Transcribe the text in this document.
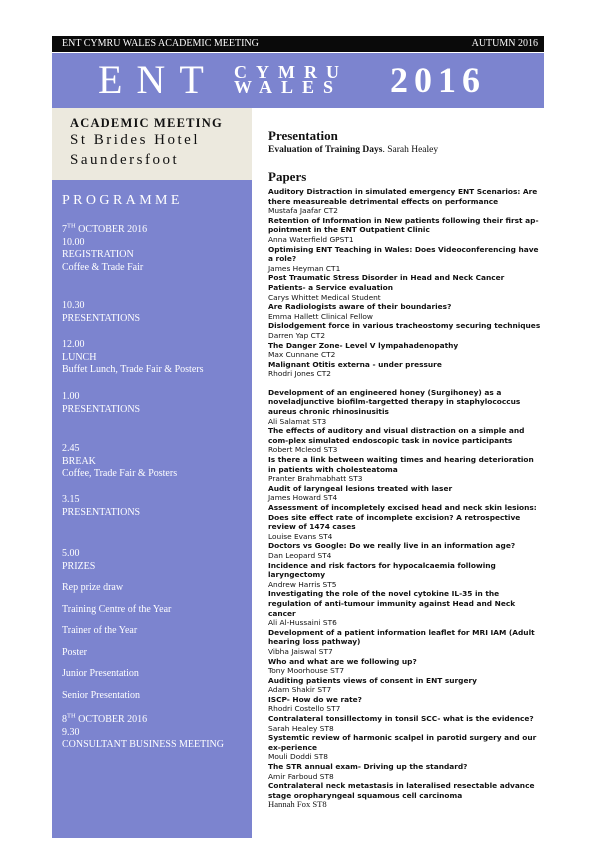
ENT CYMRU WALES ACADEMIC MEETING	AUTUMN 2016
ENT CYMRU
WALES 2016
ACADEMIC MEETING
St Brides Hotel
Saundersfoot
PROGRAMME
7TH OCTOBER 2016
10.00
REGISTRATION
Coffee & Trade Fair
10.30
PRESENTATIONS
12.00
LUNCH
Buffet Lunch, Trade Fair & Posters
1.00
PRESENTATIONS
2.45
BREAK
Coffee, Trade Fair & Posters
3.15
PRESENTATIONS
5.00
PRIZES
Rep prize draw
Training Centre of the Year
Trainer of the Year
Poster
Junior Presentation
Senior Presentation
8TH OCTOBER 2016
9.30
CONSULTANT BUSINESS MEETING
Presentation
Evaluation of Training Days. Sarah Healey
Papers
Auditory Distraction in simulated emergency ENT Scenarios: Are there measureable detrimental effects on performance
Mustafa Jaafar CT2
Retention of Information in New patients following their first ap-pointment in the ENT Outpatient Clinic
Anna Waterfield GPST1
Optimising ENT Teaching in Wales: Does Videoconferencing have a role?
James Heyman CT1
Post Traumatic Stress Disorder in Head and Neck Cancer Patients- a Service evaluation
Carys Whittet Medical Student
Are Radiologists aware of their boundaries?
Emma Hallett Clinical Fellow
Dislodgement force in various tracheostomy securing techniques
Darren Yap CT2
The Danger Zone- Level V lympahadenopathy
Max Cunnane CT2
Malignant Otitis externa - under pressure
Rhodri Jones CT2
Development of an engineered honey (Surgihoney) as a noveladjunctive biofilm-targetted therapy in staphylococcus aureus chronic rhinosinusitis
Ali Salamat ST3
The effects of auditory and visual distraction on a simple and com-plex simulated endoscopic task in novice participants
Robert Mcleod ST3
Is there a link between waiting times and hearing deterioration in patients with cholesteatoma
Pranter Brahmabhatt ST3
Audit of laryngeal lesions treated with laser
James Howard ST4
Assessment of incompletely excised head and neck skin lesions: Does site effect rate of incomplete excision? A retrospective review of 1474 cases
Louise Evans ST4
Doctors vs Google: Do we really live in an information age?
Dan Leopard ST4
Incidence and risk factors for hypocalcaemia following laryngectomy
Andrew Harris ST5
Investigating the role of the novel cytokine IL-35 in the regulation of anti-tumour immunity against Head and Neck cancer
Ali Al-Hussaini ST6
Development of a patient information leaflet for MRI IAM (Adult hearing loss pathway)
Vibha Jaiswal ST7
Who and what are we following up?
Tony Moorhouse ST7
Auditing patients views of consent in ENT surgery
Adam Shakir ST7
ISCP- How do we rate?
Rhodri Costello ST7
Contralateral tonsillectomy in tonsil SCC- what is the evidence?
Sarah Healey ST8
Systemtic review of harmonic scalpel in parotid surgery and our ex-perience
Mouli Doddi ST8
The STR annual exam- Driving up the standard?
Amir Farboud ST8
Contralateral neck metastasis in lateralised resectable advance stage oropharyngeal squamous cell carcinoma
Hannah Fox ST8
